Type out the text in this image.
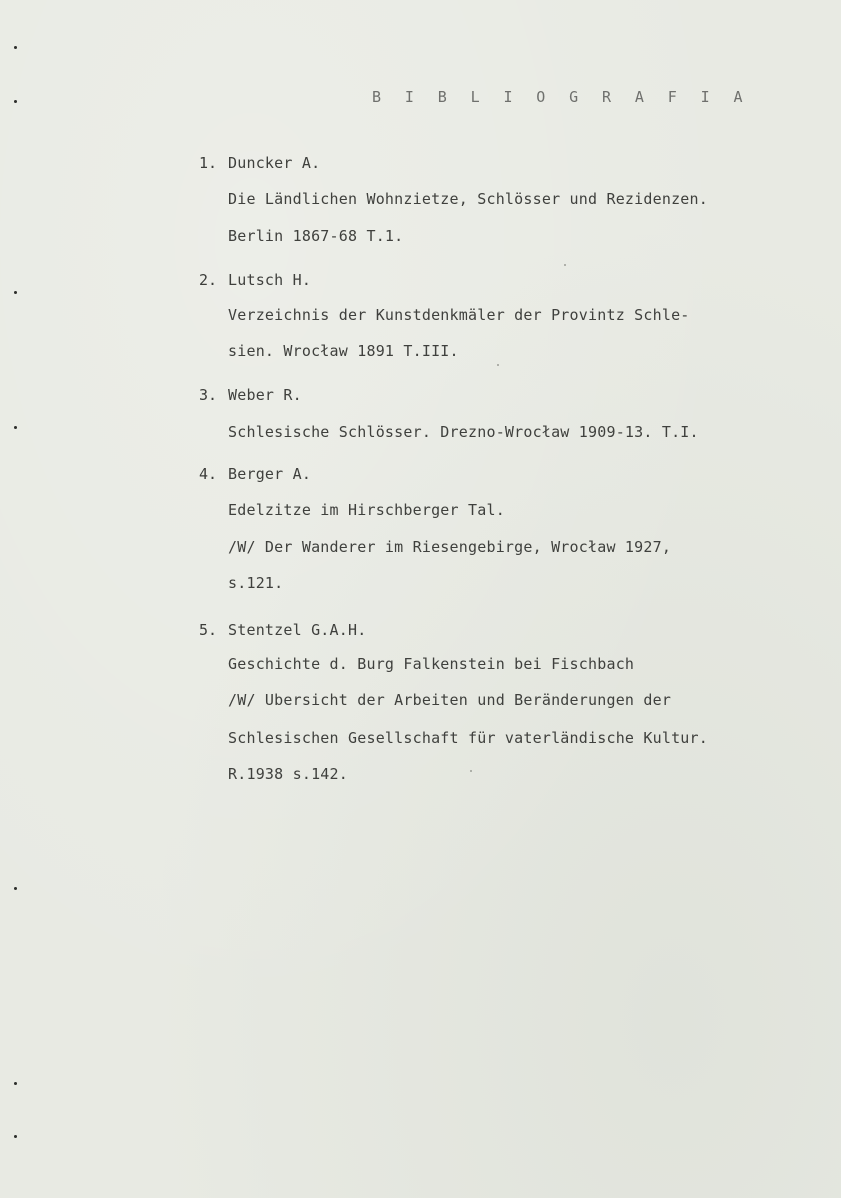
B I B L I O G R A F I A
1. Duncker A.
Die Ländlichen Wohnzietze, Schlösser und Rezidenzen.
Berlin 1867-68 T.1.
2. Lutsch H.
Verzeichnis der Kunstdenkmäler der Provintz Schle-
sien. Wrocław 1891 T.III.
3. Weber R.
Schlesische Schlösser. Drezno-Wrocław 1909-13. T.I.
4. Berger A.
Edelzitze im Hirschberger Tal.
/W/ Der Wanderer im Riesengebirge, Wrocław 1927,
s.121.
5. Stentzel G.A.H.
Geschichte d. Burg Falkenstein bei Fischbach
/W/ Ubersicht der Arbeiten und Beränderungen der
Schlesischen Gesellschaft für vaterländische Kultur.
R.1938 s.142.
